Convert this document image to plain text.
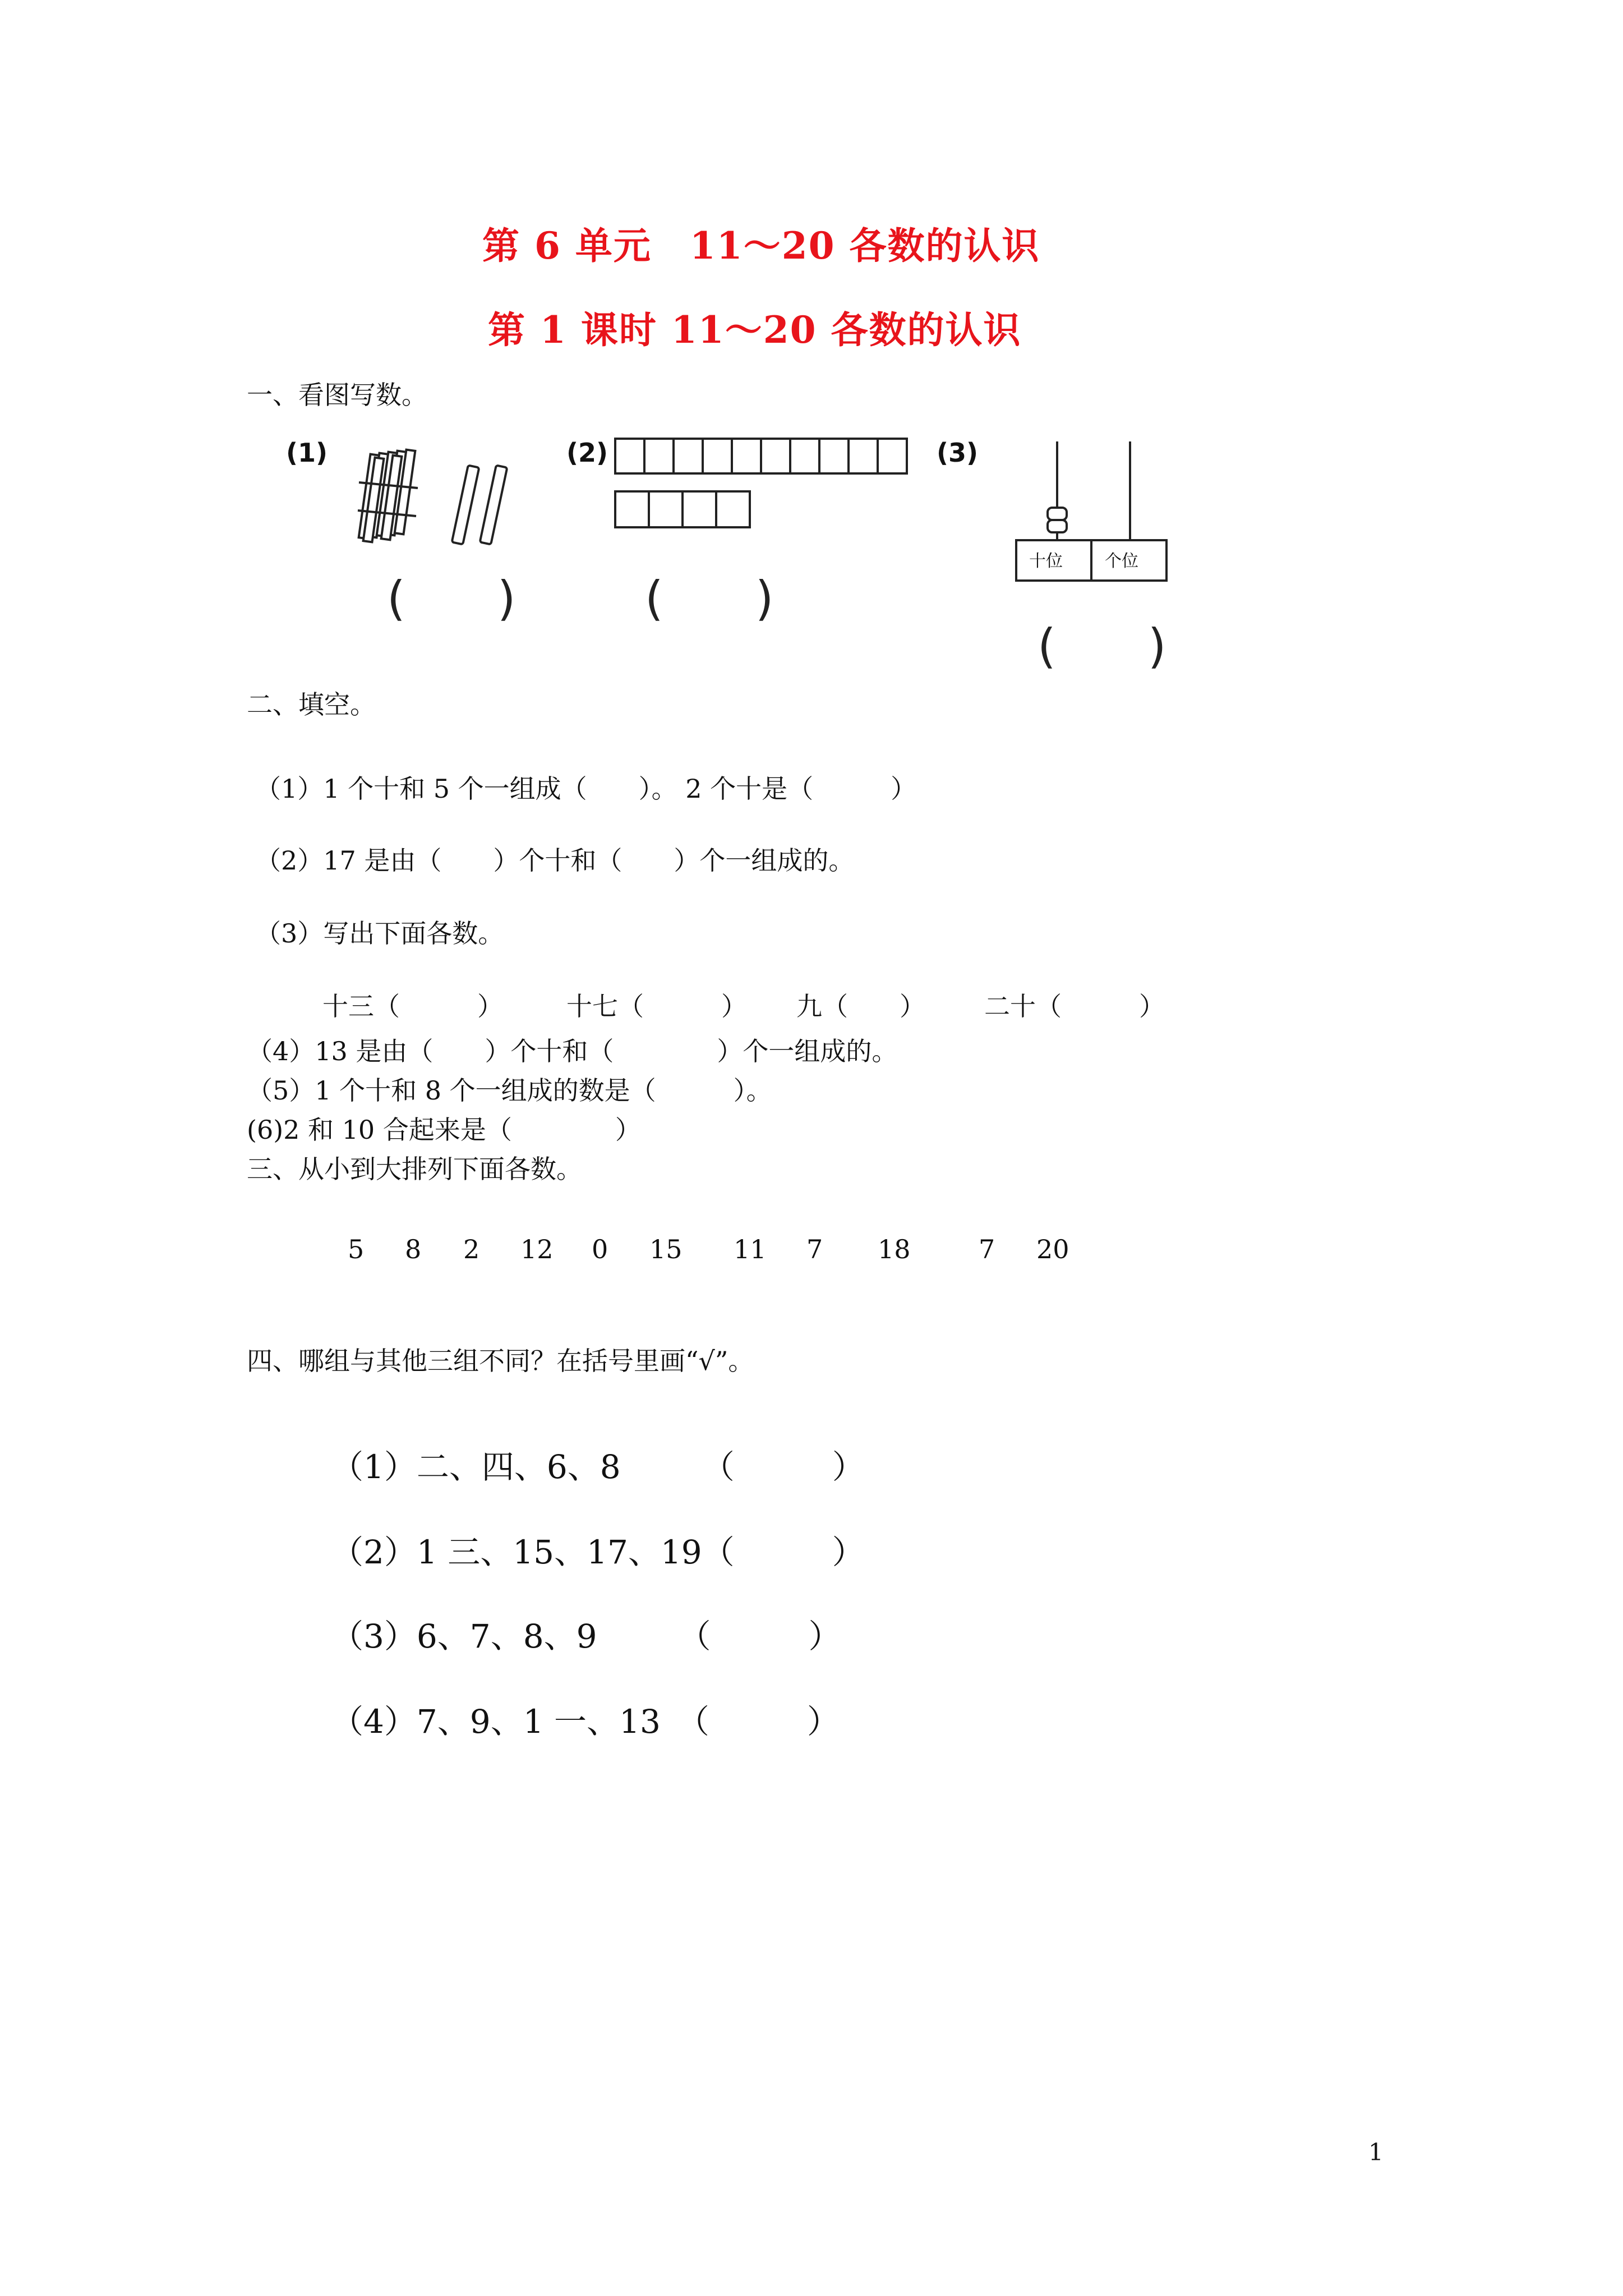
第 6 单元　11～20 各数的认识
第 1 课时 11～20 各数的认识
一、看图写数。
(1)
(　)
(2)
(　)
(3)
十位	个位
(　)
二、填空。
（1）1 个十和 5 个一组成（　　）。 2 个十是（　　　）
（2）17 是由（　　）个十和（　　）个一组成的。
（3）写出下面各数。
十三（　　　） 十七（　　　） 九（　　） 二十（　　　）
（4）13 是由（　　）个十和（　　　　）个一组成的。
（5）1 个十和 8 个一组成的数是（　　　）。
(6)2 和 10 合起来是（　　　　）
三、从小到大排列下面各数。
5 8 2 12 0 15 11 7 18	7 20
四、哪组与其他三组不同？在括号里画“√”。
（1）二、四、6、8　　　（　　　）
（2）1 三、15、17、19（　　　）
（3）6、7、8、9　　　（　　　）
（4）7、9、1 一、13　（　　　）
1
